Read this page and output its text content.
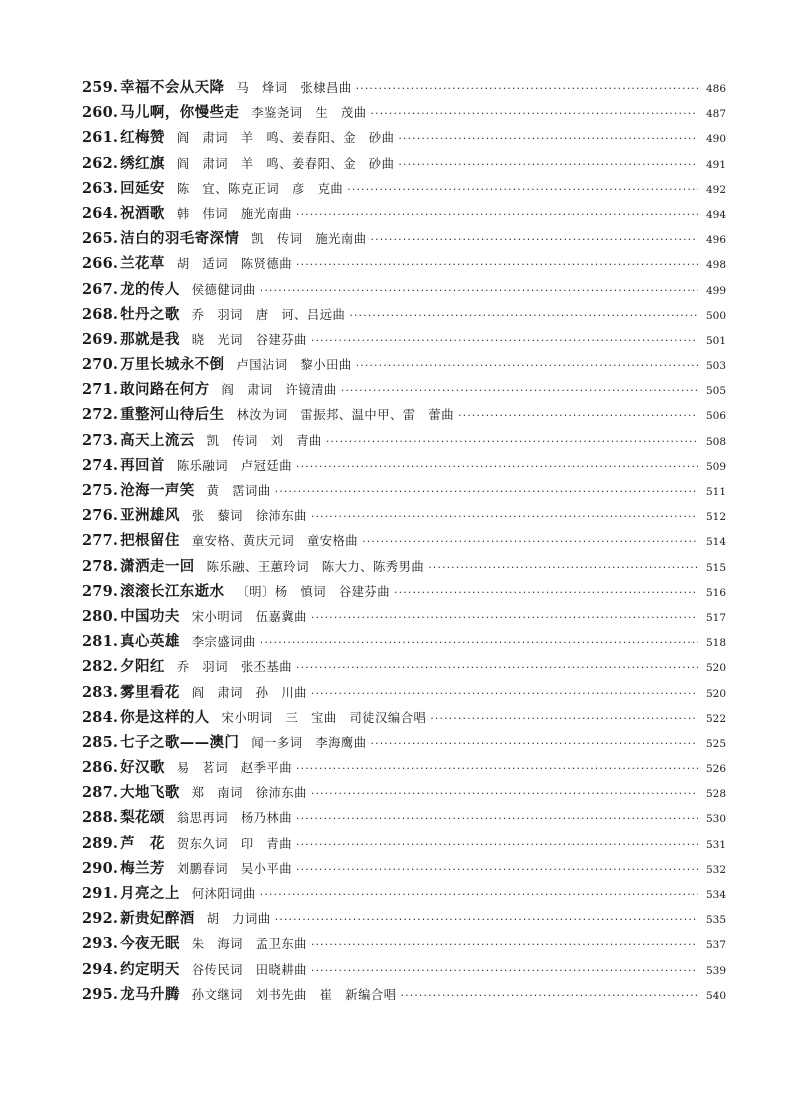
259. 幸福不会从天降 马　烽词　张棣昌曲 ·····	486
260. 马儿啊，你慢些走 李鉴尧词　生　茂曲 ·····	487
261. 红梅赞 阎　肃词　羊　鸣、姜春阳、金　砂曲 ·····	490
262. 绣红旗 阎　肃词　羊　鸣、姜春阳、金　砂曲 ·····	491
263. 回延安 陈　宜、陈克正词　彦　克曲 ·····	492
264. 祝酒歌 韩　伟词　施光南曲 ·····	494
265. 洁白的羽毛寄深情 凯　传词　施光南曲 ·····	496
266. 兰花草 胡　适词　陈贤德曲 ·····	498
267. 龙的传人 侯德健词曲 ·····	499
268. 牡丹之歌 乔　羽词　唐　诃、吕远曲 ·····	500
269. 那就是我 晓　光词　谷建芬曲 ·····	501
270. 万里长城永不倒 卢国沾词　黎小田曲 ·····	503
271. 敢问路在何方 阎　肃词　许镜清曲 ·····	505
272. 重整河山待后生 林汝为词　雷振邦、温中甲、雷　蕾曲 ·····	506
273. 高天上流云 凯　传词　刘　青曲 ·····	508
274. 再回首 陈乐融词　卢冠廷曲 ·····	509
275. 沧海一声笑 黄　霑词曲 ·····	511
276. 亚洲雄风 张　藜词　徐沛东曲 ·····	512
277. 把根留住 童安格、黄庆元词　童安格曲 ·····	514
278. 潇洒走一回 陈乐融、王蕙玲词　陈大力、陈秀男曲 ·····	515
279. 滚滚长江东逝水 〔明〕杨　慎词　谷建芬曲 ·····	516
280. 中国功夫 宋小明词　伍嘉冀曲 ·····	517
281. 真心英雄 李宗盛词曲 ·····	518
282. 夕阳红 乔　羽词　张丕基曲 ·····	520
283. 雾里看花 阎　肃词　孙　川曲 ·····	520
284. 你是这样的人 宋小明词　三　宝曲　司徒汉编合唱 ·····	522
285. 七子之歌——澳门 闻一多词　李海鹰曲 ·····	525
286. 好汉歌 易　茗词　赵季平曲 ·····	526
287. 大地飞歌 郑　南词　徐沛东曲 ·····	528
288. 梨花颂 翁思再词　杨乃林曲 ·····	530
289. 芦　花 贺东久词　印　青曲 ·····	531
290. 梅兰芳 刘鹏春词　吴小平曲 ·····	532
291. 月亮之上 何沐阳词曲 ·····	534
292. 新贵妃醉酒 胡　力词曲 ·····	535
293. 今夜无眠 朱　海词　孟卫东曲 ·····	537
294. 约定明天 谷传民词　田晓耕曲 ·····	539
295. 龙马升腾 孙文继词　刘书先曲　崔　新编合唱 ·····	540
